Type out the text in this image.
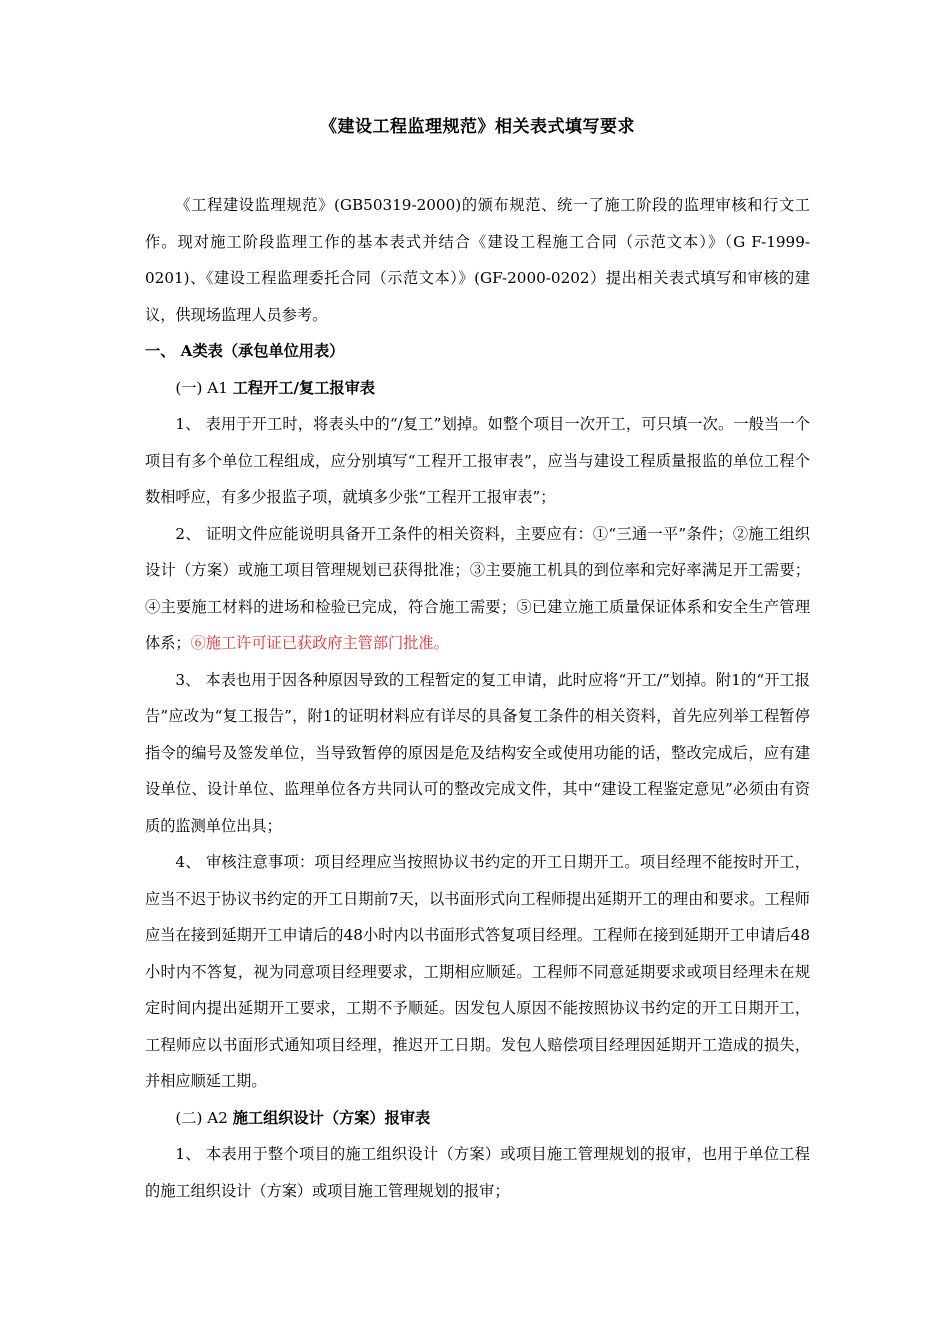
《建设工程监理规范》相关表式填写要求

《工程建设监理规范》(GB50319-2000)的颁布规范、统一了施工阶段的监理审核和行文工作。现对施工阶段监理工作的基本表式并结合《建设工程施工合同（示范文本）》（G F-1999-0201)、《建设工程监理委托合同（示范文本）》(GF-2000-0202）提出相关表式填写和审核的建议，供现场监理人员参考。

一、 A类表（承包单位用表）

(一) A1 工程开工/复工报审表

1、 表用于开工时，将表头中的“/复工”划掉。如整个项目一次开工，可只填一次。一般当一个项目有多个单位工程组成，应分别填写“工程开工报审表”，应当与建设工程质量报监的单位工程个数相呼应，有多少报监子项，就填多少张“工程开工报审表”；

2、 证明文件应能说明具备开工条件的相关资料，主要应有：①“三通一平”条件；②施工组织设计（方案）或施工项目管理规划已获得批准；③主要施工机具的到位率和完好率满足开工需要；④主要施工材料的进场和检验已完成，符合施工需要；⑤已建立施工质量保证体系和安全生产管理体系；⑥施工许可证已获政府主管部门批准。

3、 本表也用于因各种原因导致的工程暂定的复工申请，此时应将“开工/”划掉。附1的“开工报告”应改为“复工报告”，附1的证明材料应有详尽的具备复工条件的相关资料，首先应列举工程暂停指令的编号及签发单位，当导致暂停的原因是危及结构安全或使用功能的话，整改完成后，应有建设单位、设计单位、监理单位各方共同认可的整改完成文件，其中“建设工程鉴定意见”必须由有资质的监测单位出具；

4、 审核注意事项：项目经理应当按照协议书约定的开工日期开工。项目经理不能按时开工， 应当不迟于协议书约定的开工日期前7天，以书面形式向工程师提出延期开工的理由和要求。工程师应当在接到延期开工申请后的48小时内以书面形式答复项目经理。工程师在接到延期开工申请后48小时内不答复，视为同意项目经理要求，工期相应顺延。工程师不同意延期要求或项目经理未在规定时间内提出延期开工要求，工期不予顺延。因发包人原因不能按照协议书约定的开工日期开工，工程师应以书面形式通知项目经理，推迟开工日期。发包人赔偿项目经理因延期开工造成的损失，并相应顺延工期。

(二) A2 施工组织设计（方案）报审表

1、 本表用于整个项目的施工组织设计（方案）或项目施工管理规划的报审，也用于单位工程的施工组织设计（方案）或项目施工管理规划的报审；
